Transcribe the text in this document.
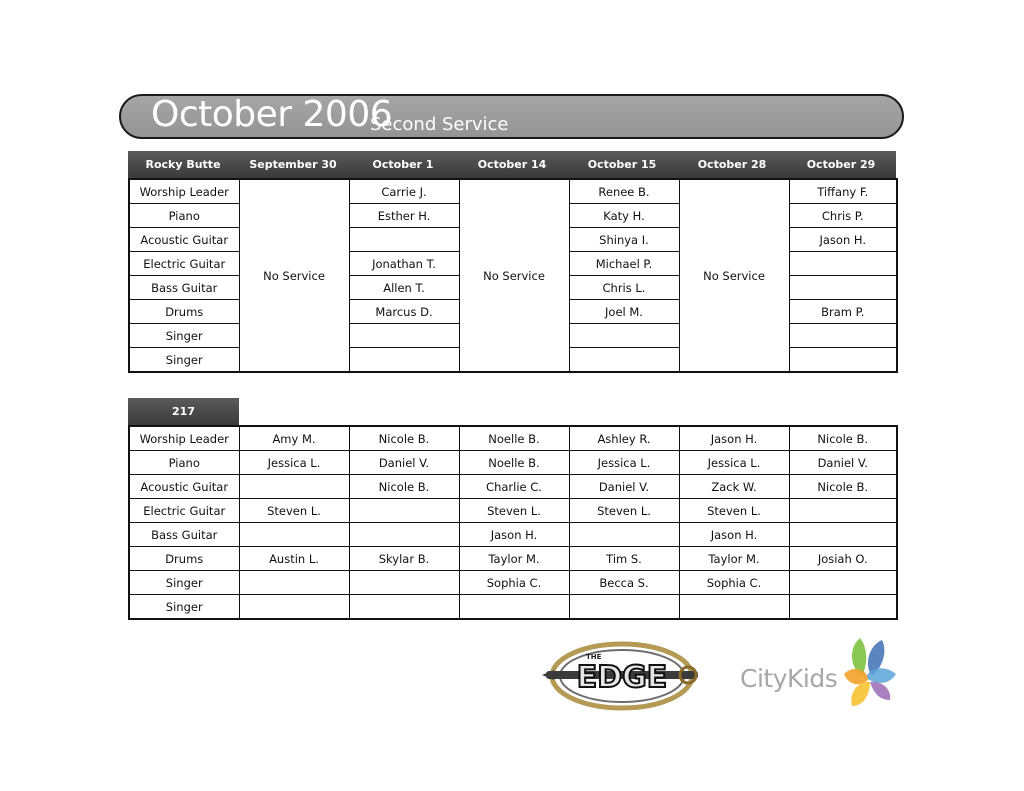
October 2006
Second Service
Rocky Butte	September 30	October 1	October 14	October 15	October 28	October 29
Worship Leader	No Service	Carrie J.	No Service	Renee B.	No Service	Tiffany F.
Piano		Esther H.		Katy H.		Chris P.
Acoustic Guitar				Shinya I.		Jason H.
Electric Guitar		Jonathan T.		Michael P.		
Bass Guitar		Allen T.		Chris L.		
Drums		Marcus D.		Joel M.		Bram P.
Singer						
Singer						
217
Worship Leader	Amy M.	Nicole B.	Noelle B.	Ashley R.	Jason H.	Nicole B.
Piano	Jessica L.	Daniel V.	Noelle B.	Jessica L.	Jessica L.	Daniel V.
Acoustic Guitar		Nicole B.	Charlie C.	Daniel V.	Zack W.	Nicole B.
Electric Guitar	Steven L.		Steven L.	Steven L.	Steven L.	
Bass Guitar			Jason H.		Jason H.	
Drums	Austin L.	Skylar B.	Taylor M.	Tim S.	Taylor M.	Josiah O.
Singer			Sophia C.	Becca S.	Sophia C.	
Singer						
THE
EDGE	CityKids
